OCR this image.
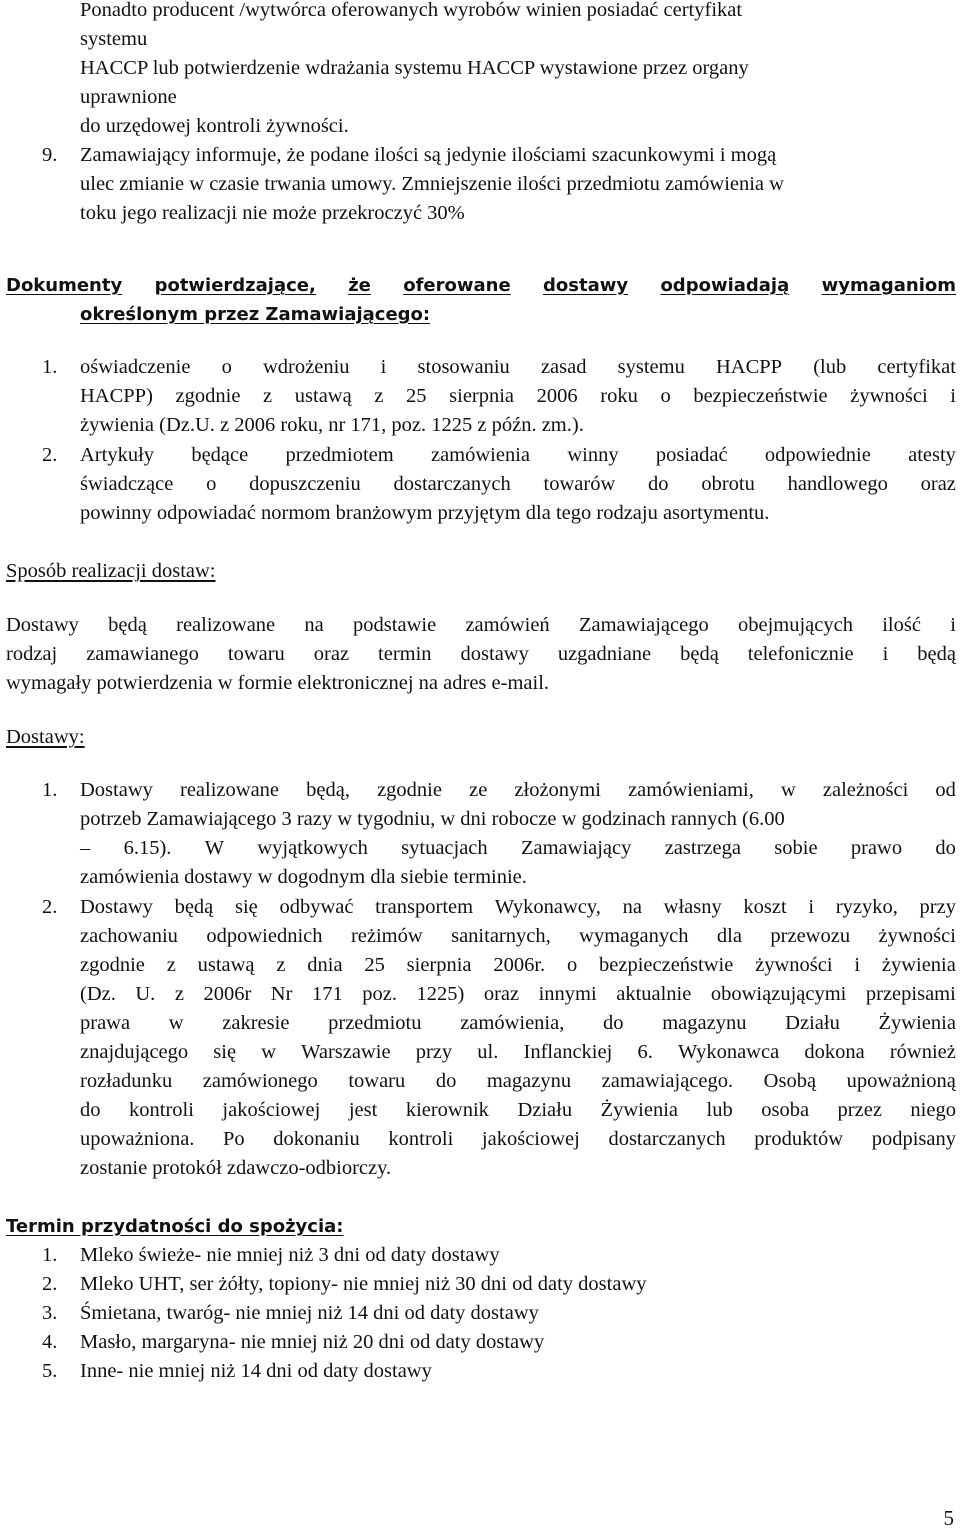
Ponadto producent /wytwórca oferowanych wyrobów winien posiadać certyfikat
systemu
HACCP lub potwierdzenie wdrażania systemu HACCP wystawione przez organy
uprawnione
do urzędowej kontroli żywności.
9. Zamawiający informuje, że podane ilości są jedynie ilościami szacunkowymi i mogą
ulec zmianie w czasie trwania umowy. Zmniejszenie ilości przedmiotu zamówienia w
toku jego realizacji nie może przekroczyć 30%
Dokumenty potwierdzające, że oferowane dostawy odpowiadają wymaganiom
określonym przez Zamawiającego:
1. oświadczenie o wdrożeniu i stosowaniu zasad systemu HACPP (lub certyfikat
HACPP) zgodnie z ustawą z 25 sierpnia 2006 roku o bezpieczeństwie żywności i
żywienia (Dz.U. z 2006 roku, nr 171, poz. 1225 z późn. zm.).
2. Artykuły będące przedmiotem zamówienia winny posiadać odpowiednie atesty
świadczące o dopuszczeniu dostarczanych towarów do obrotu handlowego oraz
powinny odpowiadać normom branżowym przyjętym dla tego rodzaju asortymentu.
Sposób realizacji dostaw:
Dostawy będą realizowane na podstawie zamówień Zamawiającego obejmujących ilość i
rodzaj zamawianego towaru oraz termin dostawy uzgadniane będą telefonicznie i będą
wymagały potwierdzenia w formie elektronicznej na adres e-mail.
Dostawy:
1. Dostawy realizowane będą, zgodnie ze złożonymi zamówieniami, w zależności od
potrzeb Zamawiającego 3 razy w tygodniu, w dni robocze w godzinach rannych (6.00
– 6.15). W wyjątkowych sytuacjach Zamawiający zastrzega sobie prawo do
zamówienia dostawy w dogodnym dla siebie terminie.
2. Dostawy będą się odbywać transportem Wykonawcy, na własny koszt i ryzyko, przy
zachowaniu odpowiednich reżimów sanitarnych, wymaganych dla przewozu żywności
zgodnie z ustawą z dnia 25 sierpnia 2006r. o bezpieczeństwie żywności i żywienia
(Dz. U. z 2006r Nr 171 poz. 1225) oraz innymi aktualnie obowiązującymi przepisami
prawa w zakresie przedmiotu zamówienia, do magazynu Działu Żywienia
znajdującego się w Warszawie przy ul. Inflanckiej 6. Wykonawca dokona również
rozładunku zamówionego towaru do magazynu zamawiającego. Osobą upoważnioną
do kontroli jakościowej jest kierownik Działu Żywienia lub osoba przez niego
upoważniona. Po dokonaniu kontroli jakościowej dostarczanych produktów podpisany
zostanie protokół zdawczo-odbiorczy.
Termin przydatności do spożycia:
1. Mleko świeże- nie mniej niż 3 dni od daty dostawy
2. Mleko UHT, ser żółty, topiony- nie mniej niż 30 dni od daty dostawy
3. Śmietana, twaróg- nie mniej niż 14 dni od daty dostawy
4. Masło, margaryna- nie mniej niż 20 dni od daty dostawy
5. Inne- nie mniej niż 14 dni od daty dostawy
5
